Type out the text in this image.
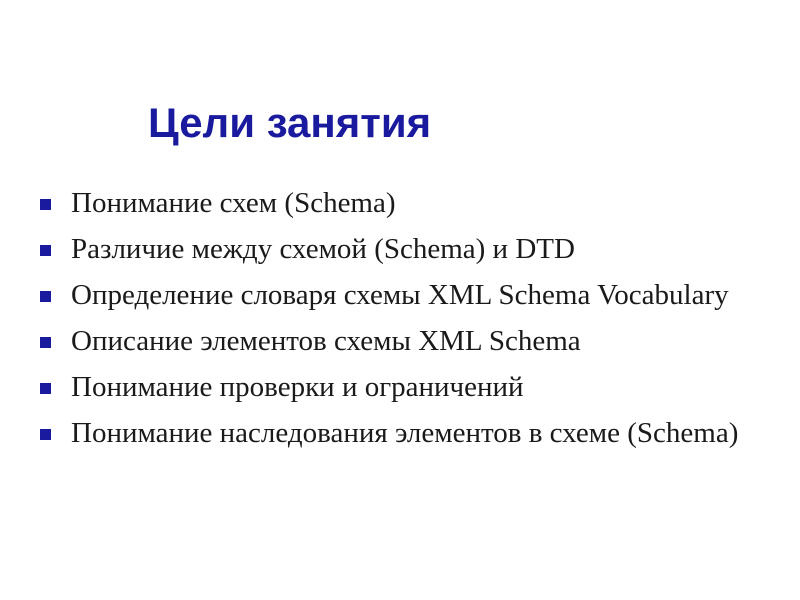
Цели занятия
Понимание схем (Schema)
Различие между схемой (Schema) и DTD
Определение словаря схемы XML Schema Vocabulary
Описание элементов схемы XML Schema
Понимание проверки и ограничений
Понимание наследования элементов в схеме (Schema)
